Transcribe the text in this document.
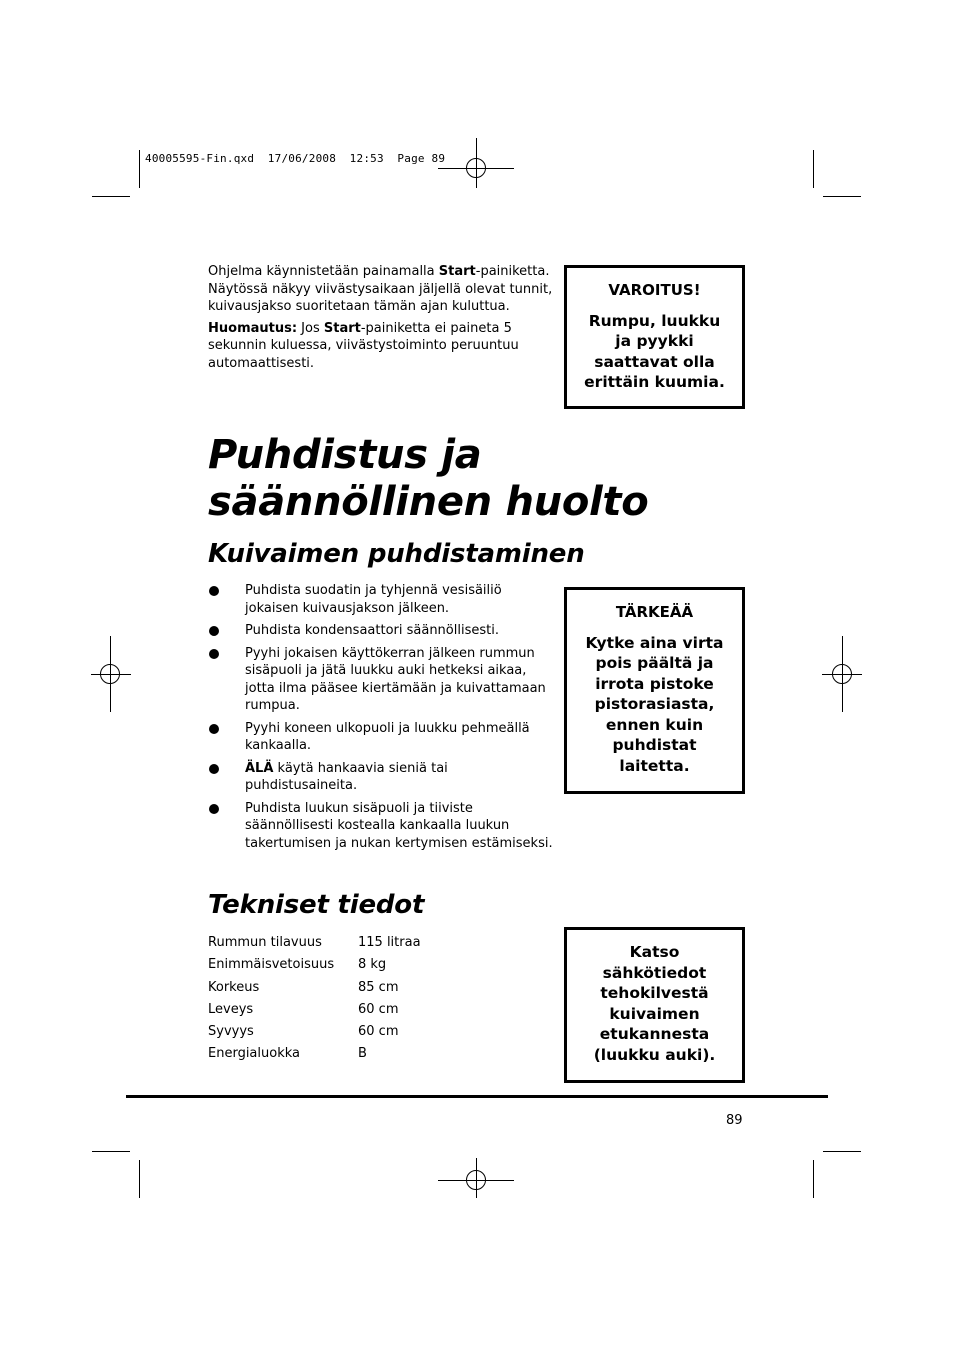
40005595-Fin.qxd  17/06/2008  12:53  Page 89

Ohjelma käynnistetään painamalla Start-painiketta. Näytössä näkyy viivästysaikaan jäljellä olevat tunnit, kuivausjakso suoritetaan tämän ajan kuluttua.

Huomautus: Jos Start-painiketta ei paineta 5 sekunnin kuluessa, viivästystoiminto peruuntuu automaattisesti.

VAROITUS!
Rumpu, luukku ja pyykki saattavat olla erittäin kuumia.
Puhdistus ja säännöllinen huolto
Kuivaimen puhdistaminen
Puhdista suodatin ja tyhjennä vesisäiliö jokaisen kuivausjakson jälkeen.
Puhdista kondensaattori säännöllisesti.
Pyyhi jokaisen käyttökerran jälkeen rummun sisäpuoli ja jätä luukku auki hetkeksi aikaa, jotta ilma pääsee kiertämään ja kuivattamaan rumpua.
Pyyhi koneen ulkopuoli ja luukku pehmeällä kankaalla.
ÄLÄ käytä hankaavia sieniä tai puhdistusaineita.
Puhdista luukun sisäpuoli ja tiiviste säännöllisesti kostealla kankaalla luukun takertumisen ja nukan kertymisen estämiseksi.
TÄRKEÄÄ
Kytke aina virta pois päältä ja irrota pistoke pistorasiasta, ennen kuin puhdistat laitetta.
Tekniset tiedot
Rummun tilavuus	115 litraa
Enimmäisvetoisuus	8 kg
Korkeus	85 cm
Leveys	60 cm
Syvyys	60 cm
Energialuokka	B
Katso sähkötiedot tehokilvestä kuivaimen etukannesta (luukku auki).
89
